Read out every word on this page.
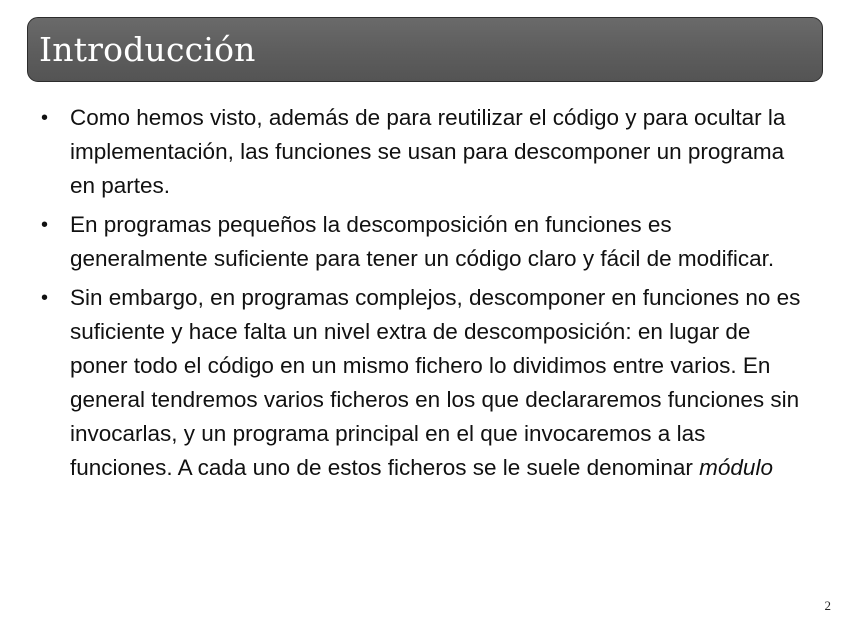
Introducción
• Como hemos visto, además de para reutilizar el código y para ocultar la implementación, las funciones se usan para descomponer un programa en partes.
• En programas pequeños la descomposición en funciones es generalmente suficiente para tener un código claro y fácil de modificar.
• Sin embargo, en programas complejos, descomponer en funciones no es suficiente y hace falta un nivel extra de descomposición: en lugar de poner todo el código en un mismo fichero lo dividimos entre varios. En general tendremos varios ficheros en los que declararemos funciones sin invocarlas, y un programa principal en el que invocaremos a las funciones. A cada uno de estos ficheros se le suele denominar módulo
2
